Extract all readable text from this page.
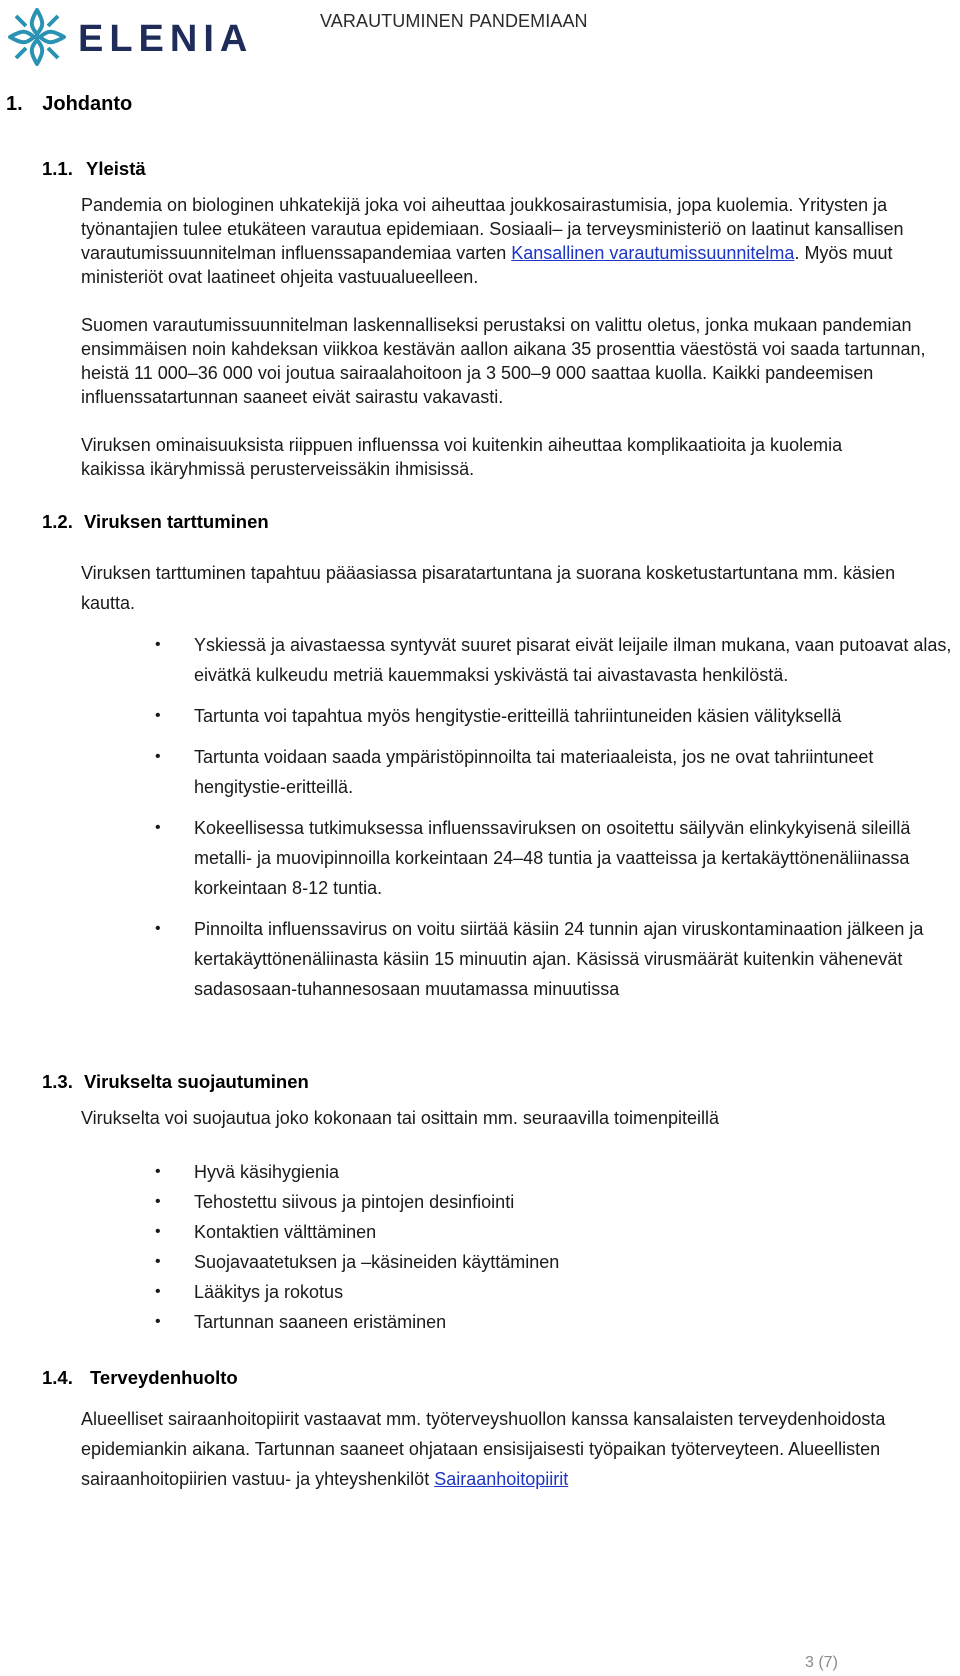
ELENIA	VARAUTUMINEN PANDEMIAAN
1. Johdanto
1.1. Yleistä

Pandemia on biologinen uhkatekijä joka voi aiheuttaa joukkosairastumisia, jopa kuolemia. Yritysten ja työnantajien tulee etukäteen varautua epidemiaan. Sosiaali– ja terveysministeriö on laatinut kansallisen varautumissuunnitelman influenssapandemiaa varten Kansallinen varautumissuunnitelma. Myös muut ministeriöt ovat laatineet ohjeita vastuualueelleen.

Suomen varautumissuunnitelman laskennalliseksi perustaksi on valittu oletus, jonka mukaan pandemian ensimmäisen noin kahdeksan viikkoa kestävän aallon aikana 35 prosenttia väestöstä voi saada tartunnan, heistä 11 000–36 000 voi joutua sairaalahoitoon ja 3 500–9 000 saattaa kuolla. Kaikki pandeemisen influenssatartunnan saaneet eivät sairastu vakavasti.

Viruksen ominaisuuksista riippuen influenssa voi kuitenkin aiheuttaa komplikaatioita ja kuolemia kaikissa ikäryhmissä perusterveissäkin ihmisissä.

1.2. Viruksen tarttuminen

Viruksen tarttuminen tapahtuu pääasiassa pisaratartuntana ja suorana kosketustartuntana mm. käsien kautta.

• Yskiessä ja aivastaessa syntyvät suuret pisarat eivät leijaile ilman mukana, vaan putoavat alas, eivätkä kulkeudu metriä kauemmaksi yskivästä tai aivastavasta henkilöstä.
• Tartunta voi tapahtua myös hengitystie-eritteillä tahriintuneiden käsien välityksellä
• Tartunta voidaan saada ympäristöpinnoilta tai materiaaleista, jos ne ovat tahriintuneet hengitystie-eritteillä.
• Kokeellisessa tutkimuksessa influenssaviruksen on osoitettu säilyvän elinkykyisenä sileillä metalli- ja muovipinnoilla korkeintaan 24–48 tuntia ja vaatteissa ja kertakäyttönenäliinassa korkeintaan 8-12 tuntia.
• Pinnoilta influenssavirus on voitu siirtää käsiin 24 tunnin ajan viruskontaminaation jälkeen ja kertakäyttönenäliinasta käsiin 15 minuutin ajan. Käsissä virusmäärät kuitenkin vähenevät sadasosaan-tuhannesosaan muutamassa minuutissa
1.3. Virukselta suojautuminen

Virukselta voi suojautua joko kokonaan tai osittain mm. seuraavilla toimenpiteillä

• Hyvä käsihygienia
• Tehostettu siivous ja pintojen desinfiointi
• Kontaktien välttäminen
• Suojavaatetuksen ja –käsineiden käyttäminen
• Lääkitys ja rokotus
• Tartunnan saaneen eristäminen
1.4. Terveydenhuolto

Alueelliset sairaanhoitopiirit vastaavat mm. työterveyshuollon kanssa kansalaisten terveydenhoidosta epidemiankin aikana. Tartunnan saaneet ohjataan ensisijaisesti työpaikan työterveyteen. Alueellisten sairaanhoitopiirien vastuu- ja yhteyshenkilöt Sairaanhoitopiirit

3 (7)
